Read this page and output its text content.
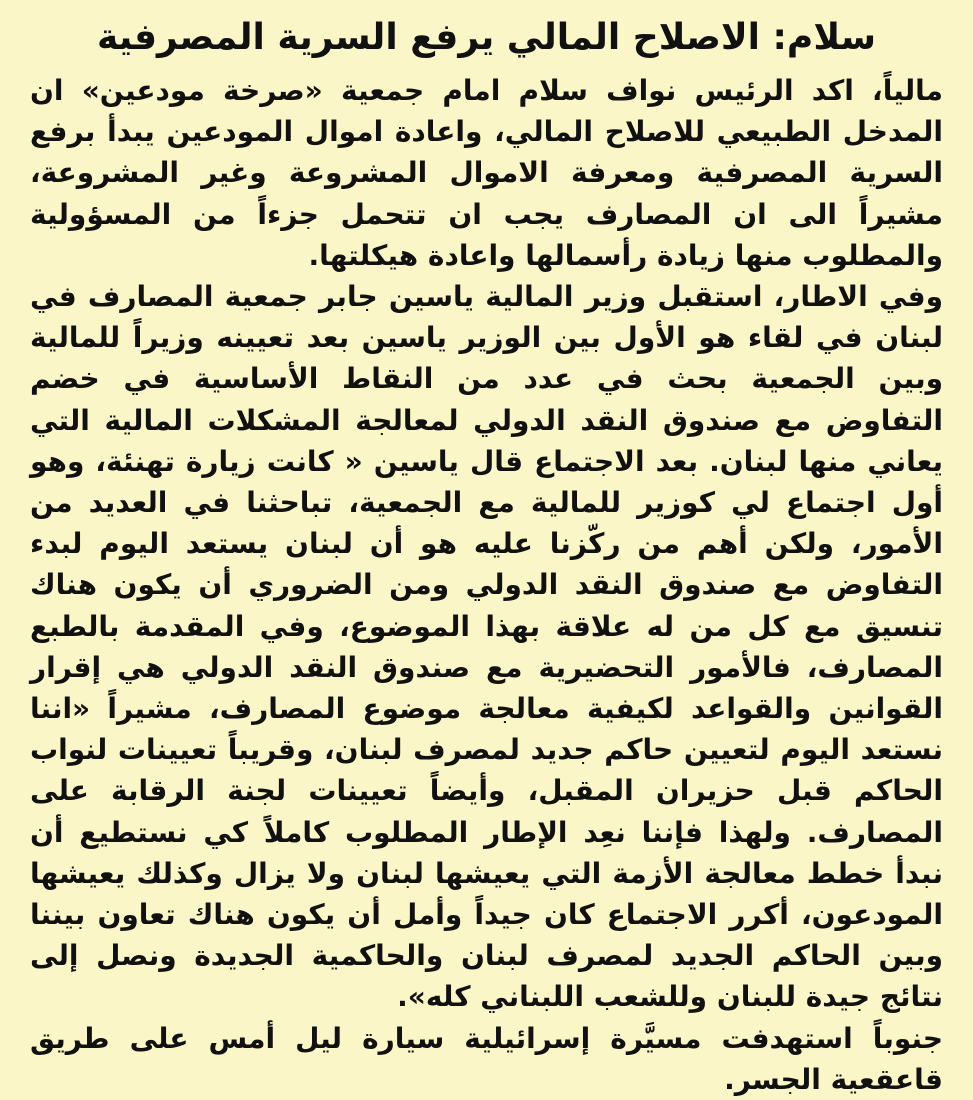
سلام: الاصلاح المالي يرفع السرية المصرفية

مالياً، اكد الرئيس نواف سلام امام جمعية «صرخة مودعين» ان المدخل الطبيعي للاصلاح المالي، واعادة اموال المودعين يبدأ برفع السرية المصرفية ومعرفة الاموال المشروعة وغير المشروعة، مشيراً الى ان المصارف يجب ان تتحمل جزءاً من المسؤولية والمطلوب منها زيادة رأسمالها واعادة هيكلتها.

وفي الاطار، استقبل وزير المالية ياسين جابر جمعية المصارف في لبنان في لقاء هو الأول بين الوزير ياسين بعد تعيينه وزيراً للمالية وبين الجمعية بحث في عدد من النقاط الأساسية في خضم التفاوض مع صندوق النقد الدولي لمعالجة المشكلات المالية التي يعاني منها لبنان. بعد الاجتماع قال ياسين « كانت زيارة تهنئة، وهو أول اجتماع لي كوزير للمالية مع الجمعية، تباحثنا في العديد من الأمور، ولكن أهم من ركّزنا عليه هو أن لبنان يستعد اليوم لبدء التفاوض مع صندوق النقد الدولي ومن الضروري أن يكون هناك تنسيق مع كل من له علاقة بهذا الموضوع، وفي المقدمة بالطبع المصارف، فالأمور التحضيرية مع صندوق النقد الدولي هي إقرار القوانين والقواعد لكيفية معالجة موضوع المصارف، مشيراً «اننا نستعد اليوم لتعيين حاكم جديد لمصرف لبنان، وقريباً تعيينات لنواب الحاكم قبل حزيران المقبل، وأيضاً تعيينات لجنة الرقابة على المصارف. ولهذا فإننا نعِد الإطار المطلوب كاملاً كي نستطيع أن نبدأ خطط معالجة الأزمة التي يعيشها لبنان ولا يزال وكذلك يعيشها المودعون، أكرر الاجتماع كان جيداً وأمل أن يكون هناك تعاون بيننا وبين الحاكم الجديد لمصرف لبنان والحاكمية الجديدة ونصل إلى نتائج جيدة للبنان وللشعب اللبناني كله».

جنوباً استهدفت مسيَّرة إسرائيلية سيارة ليل أمس على طريق قاعقعية الجسر.
